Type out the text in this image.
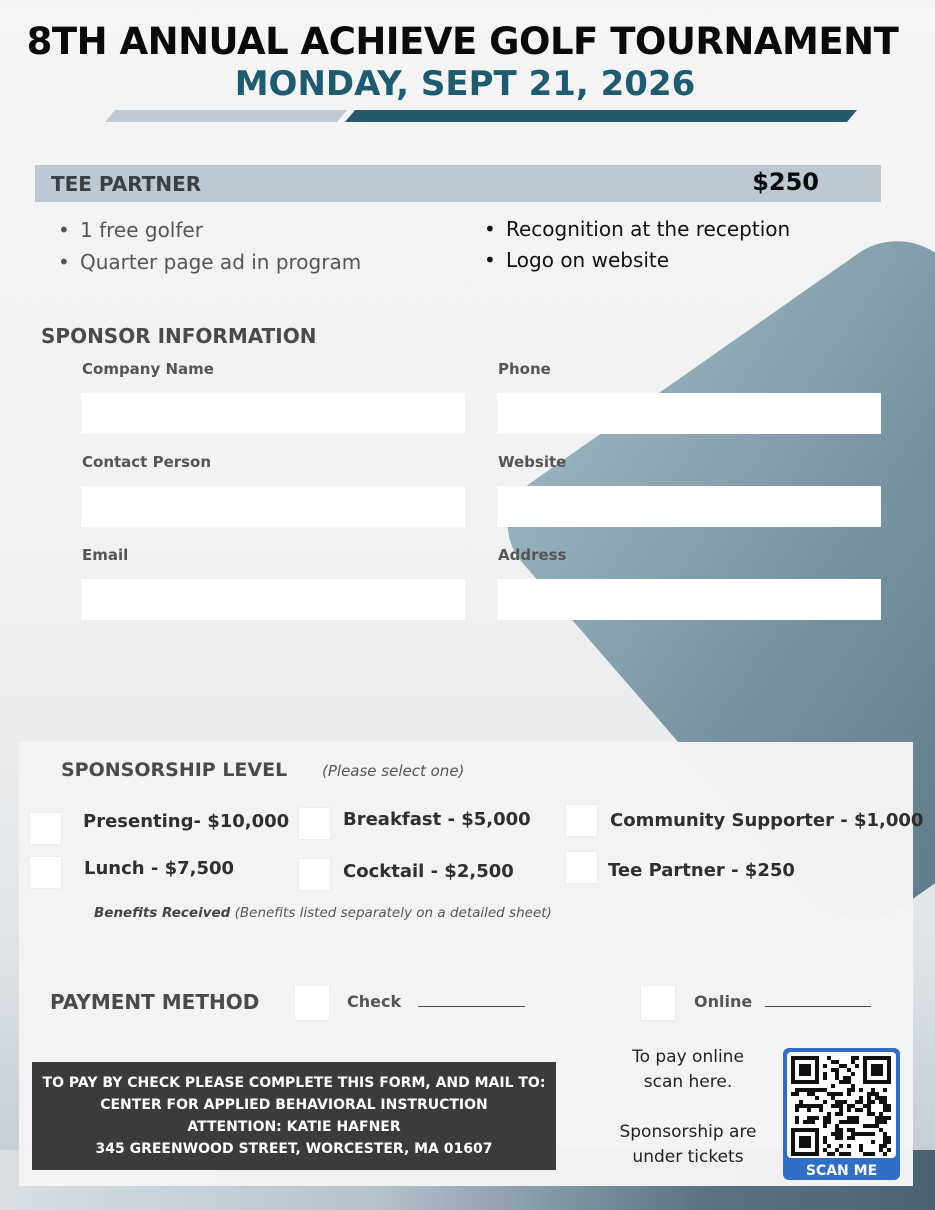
8TH ANNUAL ACHIEVE GOLF TOURNAMENT
MONDAY, SEPT 21, 2026
TEE PARTNER	$250
• 1 free golfer
• Quarter page ad in program
• Recognition at the reception
• Logo on website
SPONSOR INFORMATION
Company Name	Phone
Contact Person	Website
Email	Address
SPONSORSHIP LEVEL (Please select one)
Presenting- $10,000	Breakfast - $5,000	Community Supporter - $1,000
Lunch - $7,500	Cocktail - $2,500	Tee Partner - $250
Benefits Received (Benefits listed separately on a detailed sheet)
PAYMENT METHOD	Check	Online
TO PAY BY CHECK PLEASE COMPLETE THIS FORM, AND MAIL TO:
CENTER FOR APPLIED BEHAVIORAL INSTRUCTION
ATTENTION: KATIE HAFNER
345 GREENWOOD STREET, WORCESTER, MA 01607
To pay online
scan here.
Sponsorship are
under tickets
SCAN ME
